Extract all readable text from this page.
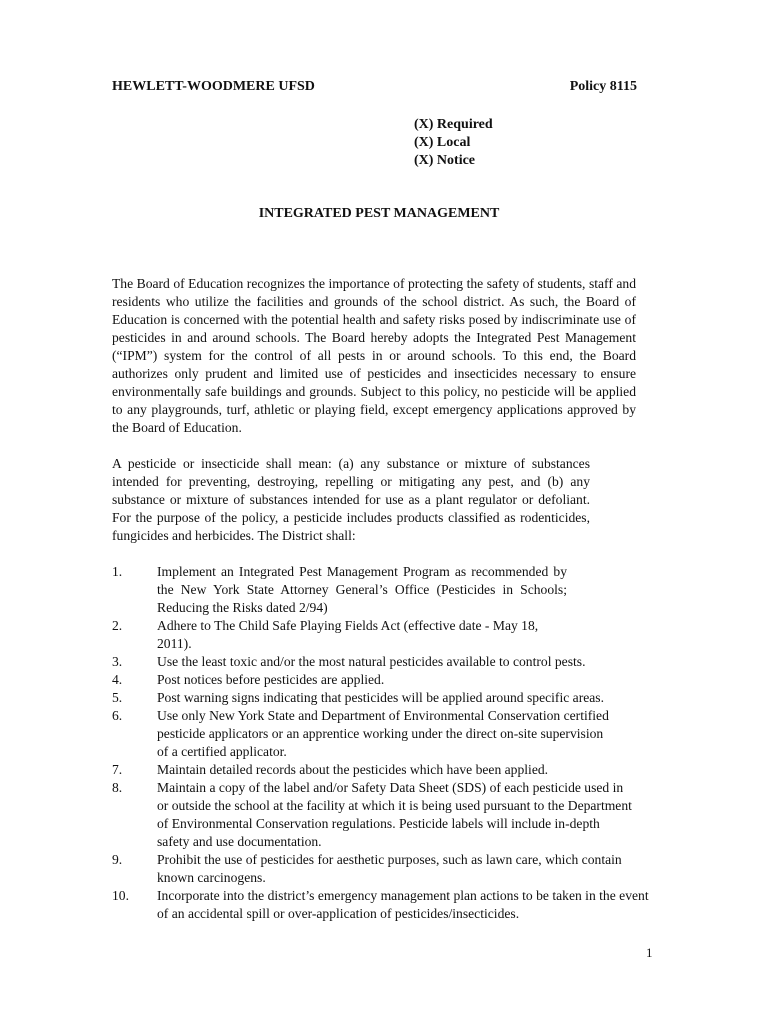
HEWLETT-WOODMERE UFSD	Policy 8115
(X) Required
(X) Local
(X) Notice
INTEGRATED PEST MANAGEMENT

The Board of Education recognizes the importance of protecting the safety of students, staff and residents who utilize the facilities and grounds of the school district. As such, the Board of Education is concerned with the potential health and safety risks posed by indiscriminate use of pesticides in and around schools. The Board hereby adopts the Integrated Pest Management (“IPM”) system for the control of all pests in or around schools. To this end, the Board authorizes only prudent and limited use of pesticides and insecticides necessary to ensure environmentally safe buildings and grounds. Subject to this policy, no pesticide will be applied to any playgrounds, turf, athletic or playing field, except emergency applications approved by the Board of Education.

A pesticide or insecticide shall mean: (a) any substance or mixture of substances intended for preventing, destroying, repelling or mitigating any pest, and (b) any substance or mixture of substances intended for use as a plant regulator or defoliant. For the purpose of the policy, a pesticide includes products classified as rodenticides, fungicides and herbicides. The District shall:

1.	Implement an Integrated Pest Management Program as recommended by the New York State Attorney General’s Office (Pesticides in Schools; Reducing the Risks dated 2/94)
2.	Adhere to The Child Safe Playing Fields Act (effective date - May 18, 2011).
3.	Use the least toxic and/or the most natural pesticides available to control pests.
4.	Post notices before pesticides are applied.
5.	Post warning signs indicating that pesticides will be applied around specific areas.
6.	Use only New York State and Department of Environmental Conservation certified pesticide applicators or an apprentice working under the direct on-site supervision of a certified applicator.
7.	Maintain detailed records about the pesticides which have been applied.
8.	Maintain a copy of the label and/or Safety Data Sheet (SDS) of each pesticide used in or outside the school at the facility at which it is being used pursuant to the Department of Environmental Conservation regulations. Pesticide labels will include in-depth safety and use documentation.
9.	Prohibit the use of pesticides for aesthetic purposes, such as lawn care, which contain known carcinogens.
10.	Incorporate into the district’s emergency management plan actions to be taken in the event of an accidental spill or over-application of pesticides/insecticides.
1
